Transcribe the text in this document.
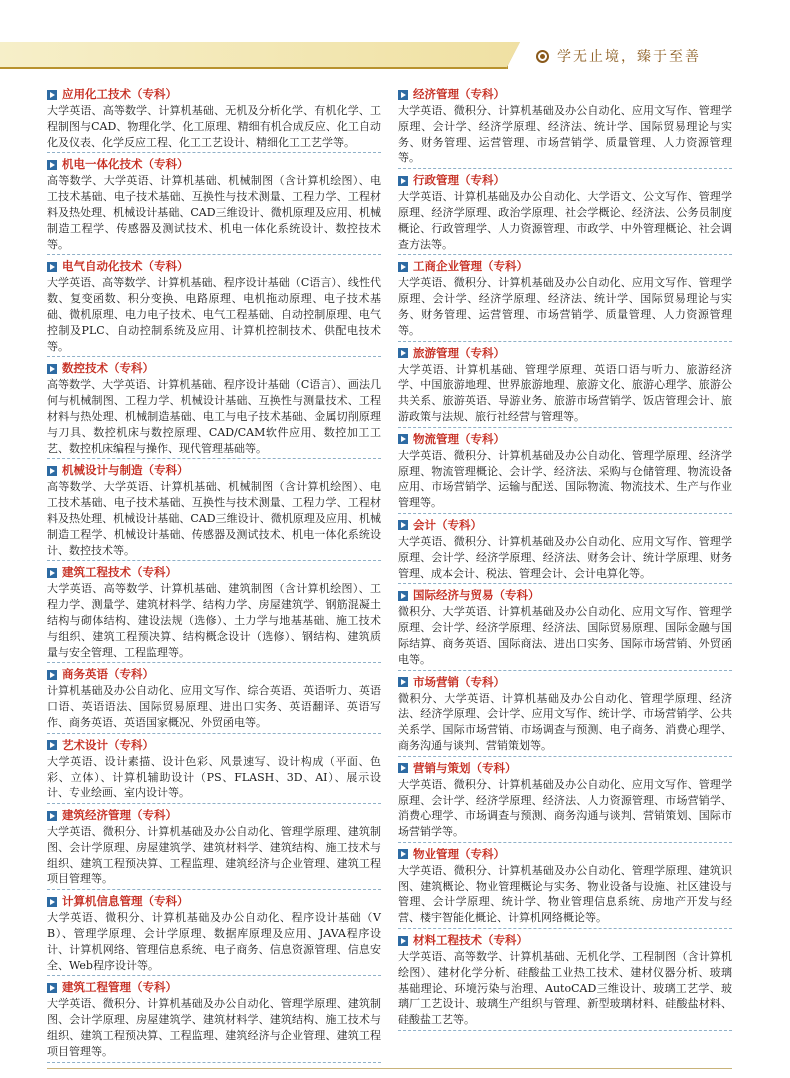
学无止境，臻于至善
应用化工技术（专科）
大学英语、高等数学、计算机基础、无机及分析化学、有机化学、工程制图与CAD、物理化学、化工原理、精细有机合成反应、化工自动化及仪表、化学反应工程、化工工艺设计、精细化工工艺学等。
机电一体化技术（专科）
高等数学、大学英语、计算机基础、机械制图（含计算机绘图）、电工技术基础、电子技术基础、互换性与技术测量、工程力学、工程材料及热处理、机械设计基础、CAD三维设计、微机原理及应用、机械制造工程学、传感器及测试技术、机电一体化系统设计、数控技术等。
电气自动化技术（专科）
大学英语、高等数学、计算机基础、程序设计基础（C语言）、线性代数、复变函数、积分变换、电路原理、电机拖动原理、电子技术基础、微机原理、电力电子技术、电气工程基础、自动控制原理、电气控制及PLC、自动控制系统及应用、计算机控制技术、供配电技术等。
数控技术（专科）
高等数学、大学英语、计算机基础、程序设计基础（C语言）、画法几何与机械制图、工程力学、机械设计基础、互换性与测量技术、工程材料与热处理、机械制造基础、电工与电子技术基础、金属切削原理与刀具、数控机床与数控原理、CAD/CAM软件应用、数控加工工艺、数控机床编程与操作、现代管理基础等。
机械设计与制造（专科）
高等数学、大学英语、计算机基础、机械制图（含计算机绘图）、电工技术基础、电子技术基础、互换性与技术测量、工程力学、工程材料及热处理、机械设计基础、CAD三维设计、微机原理及应用、机械制造工程学、机械设计基础、传感器及测试技术、机电一体化系统设计、数控技术等。
建筑工程技术（专科）
大学英语、高等数学、计算机基础、建筑制图（含计算机绘图）、工程力学、测量学、建筑材料学、结构力学、房屋建筑学、钢筋混凝土结构与砌体结构、建设法规（选修）、土力学与地基基础、施工技术与组织、建筑工程预决算、结构概念设计（选修）、钢结构、建筑质量与安全管理、工程监理等。
商务英语（专科）
计算机基础及办公自动化、应用文写作、综合英语、英语听力、英语口语、英语语法、国际贸易原理、进出口实务、英语翻译、英语写作、商务英语、英语国家概况、外贸函电等。
艺术设计（专科）
大学英语、设计素描、设计色彩、风景速写、设计构成（平面、色彩、立体）、计算机辅助设计（PS、FLASH、3D、AI）、展示设计、专业绘画、室内设计等。
建筑经济管理（专科）
大学英语、微积分、计算机基础及办公自动化、管理学原理、建筑制图、会计学原理、房屋建筑学、建筑材料学、建筑结构、施工技术与组织、建筑工程预决算、工程监理、建筑经济与企业管理、建筑工程项目管理等。
计算机信息管理（专科）
大学英语、微积分、计算机基础及办公自动化、程序设计基础（VB）、管理学原理、会计学原理、数据库原理及应用、JAVA程序设计、计算机网络、管理信息系统、电子商务、信息资源管理、信息安全、Web程序设计等。
建筑工程管理（专科）
大学英语、微积分、计算机基础及办公自动化、管理学原理、建筑制图、会计学原理、房屋建筑学、建筑材料学、建筑结构、施工技术与组织、建筑工程预决算、工程监理、建筑经济与企业管理、建筑工程项目管理等。
经济管理（专科）
大学英语、微积分、计算机基础及办公自动化、应用文写作、管理学原理、会计学、经济学原理、经济法、统计学、国际贸易理论与实务、财务管理、运营管理、市场营销学、质量管理、人力资源管理等。
行政管理（专科）
大学英语、计算机基础及办公自动化、大学语文、公文写作、管理学原理、经济学原理、政治学原理、社会学概论、经济法、公务员制度概论、行政管理学、人力资源管理、市政学、中外管理概论、社会调查方法等。
工商企业管理（专科）
大学英语、微积分、计算机基础及办公自动化、应用文写作、管理学原理、会计学、经济学原理、经济法、统计学、国际贸易理论与实务、财务管理、运营管理、市场营销学、质量管理、人力资源管理等。
旅游管理（专科）
大学英语、计算机基础、管理学原理、英语口语与听力、旅游经济学、中国旅游地理、世界旅游地理、旅游文化、旅游心理学、旅游公共关系、旅游英语、导游业务、旅游市场营销学、饭店管理会计、旅游政策与法规、旅行社经营与管理等。
物流管理（专科）
大学英语、微积分、计算机基础及办公自动化、管理学原理、经济学原理、物流管理概论、会计学、经济法、采购与仓储管理、物流设备应用、市场营销学、运输与配送、国际物流、物流技术、生产与作业管理等。
会计（专科）
大学英语、微积分、计算机基础及办公自动化、应用文写作、管理学原理、会计学、经济学原理、经济法、财务会计、统计学原理、财务管理、成本会计、税法、管理会计、会计电算化等。
国际经济与贸易（专科）
微积分、大学英语、计算机基础及办公自动化、应用文写作、管理学原理、会计学、经济学原理、经济法、国际贸易原理、国际金融与国际结算、商务英语、国际商法、进出口实务、国际市场营销、外贸函电等。
市场营销（专科）
微积分、大学英语、计算机基础及办公自动化、管理学原理、经济法、经济学原理、会计学、应用文写作、统计学、市场营销学、公共关系学、国际市场营销、市场调查与预测、电子商务、消费心理学、商务沟通与谈判、营销策划等。
营销与策划（专科）
大学英语、微积分、计算机基础及办公自动化、应用文写作、管理学原理、会计学、经济学原理、经济法、人力资源管理、市场营销学、消费心理学、市场调查与预测、商务沟通与谈判、营销策划、国际市场营销学等。
物业管理（专科）
大学英语、微积分、计算机基础及办公自动化、管理学原理、建筑识图、建筑概论、物业管理概论与实务、物业设备与设施、社区建设与管理、会计学原理、统计学、物业管理信息系统、房地产开发与经营、楼宇智能化概论、计算机网络概论等。
材料工程技术（专科）
大学英语、高等数学、计算机基础、无机化学、工程制图（含计算机绘图）、建材化学分析、硅酸盐工业热工技术、建材仪器分析、玻璃基础理论、环境污染与治理、AutoCAD三维设计、玻璃工艺学、玻璃厂工艺设计、玻璃生产组织与管理、新型玻璃材料、硅酸盐材料、硅酸盐工艺等。
